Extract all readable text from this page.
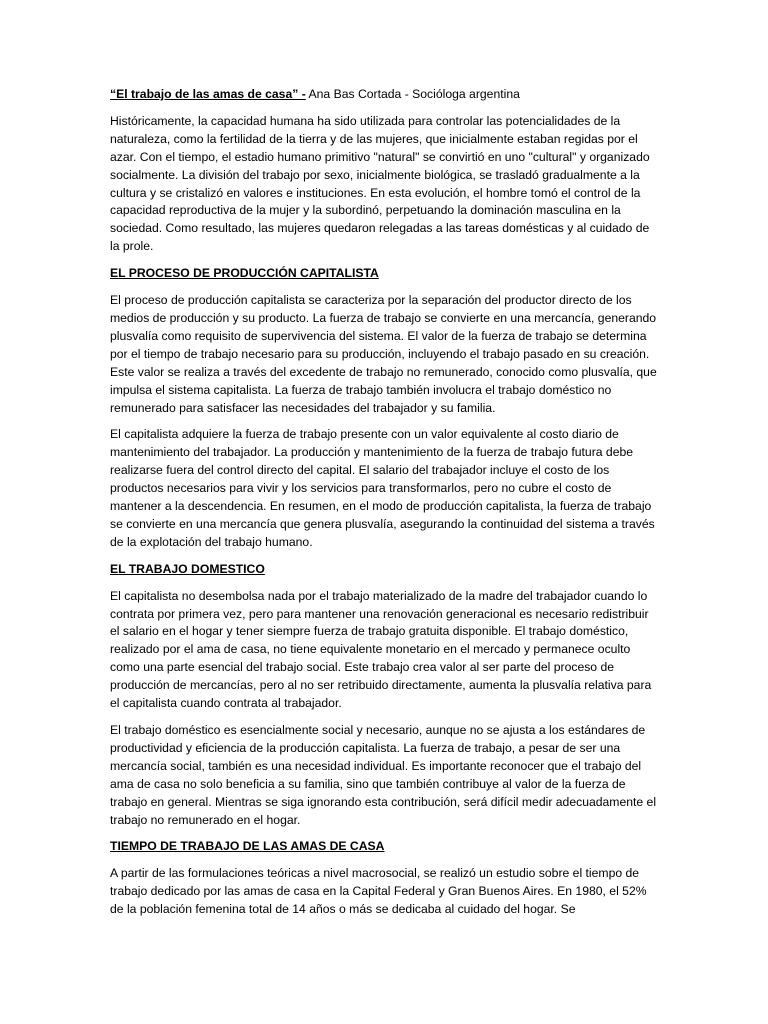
“El trabajo de las amas de casa” - Ana Bas Cortada - Socióloga argentina

Históricamente, la capacidad humana ha sido utilizada para controlar las potencialidades de la naturaleza, como la fertilidad de la tierra y de las mujeres, que inicialmente estaban regidas por el azar. Con el tiempo, el estadio humano primitivo "natural" se convirtió en uno "cultural" y organizado socialmente. La división del trabajo por sexo, inicialmente biológica, se trasladó gradualmente a la cultura y se cristalizó en valores e instituciones. En esta evolución, el hombre tomó el control de la capacidad reproductiva de la mujer y la subordinó, perpetuando la dominación masculina en la sociedad. Como resultado, las mujeres quedaron relegadas a las tareas domésticas y al cuidado de la prole.

EL PROCESO DE PRODUCCIÓN CAPITALISTA

El proceso de producción capitalista se caracteriza por la separación del productor directo de los medios de producción y su producto. La fuerza de trabajo se convierte en una mercancía, generando plusvalía como requisito de supervivencia del sistema. El valor de la fuerza de trabajo se determina por el tiempo de trabajo necesario para su producción, incluyendo el trabajo pasado en su creación. Este valor se realiza a través del excedente de trabajo no remunerado, conocido como plusvalía, que impulsa el sistema capitalista. La fuerza de trabajo también involucra el trabajo doméstico no remunerado para satisfacer las necesidades del trabajador y su familia.

El capitalista adquiere la fuerza de trabajo presente con un valor equivalente al costo diario de mantenimiento del trabajador. La producción y mantenimiento de la fuerza de trabajo futura debe realizarse fuera del control directo del capital. El salario del trabajador incluye el costo de los productos necesarios para vivir y los servicios para transformarlos, pero no cubre el costo de mantener a la descendencia. En resumen, en el modo de producción capitalista, la fuerza de trabajo se convierte en una mercancía que genera plusvalía, asegurando la continuidad del sistema a través de la explotación del trabajo humano.

EL TRABAJO DOMESTICO

El capitalista no desembolsa nada por el trabajo materializado de la madre del trabajador cuando lo contrata por primera vez, pero para mantener una renovación generacional es necesario redistribuir el salario en el hogar y tener siempre fuerza de trabajo gratuita disponible. El trabajo doméstico, realizado por el ama de casa, no tiene equivalente monetario en el mercado y permanece oculto como una parte esencial del trabajo social. Este trabajo crea valor al ser parte del proceso de producción de mercancías, pero al no ser retribuido directamente, aumenta la plusvalía relativa para el capitalista cuando contrata al trabajador.

El trabajo doméstico es esencialmente social y necesario, aunque no se ajusta a los estándares de productividad y eficiencia de la producción capitalista. La fuerza de trabajo, a pesar de ser una mercancía social, también es una necesidad individual. Es importante reconocer que el trabajo del ama de casa no solo beneficia a su familia, sino que también contribuye al valor de la fuerza de trabajo en general. Mientras se siga ignorando esta contribución, será difícil medir adecuadamente el trabajo no remunerado en el hogar.

TIEMPO DE TRABAJO DE LAS AMAS DE CASA

A partir de las formulaciones teóricas a nivel macrosocial, se realizó un estudio sobre el tiempo de trabajo dedicado por las amas de casa en la Capital Federal y Gran Buenos Aires. En 1980, el 52% de la población femenina total de 14 años o más se dedicaba al cuidado del hogar. Se
